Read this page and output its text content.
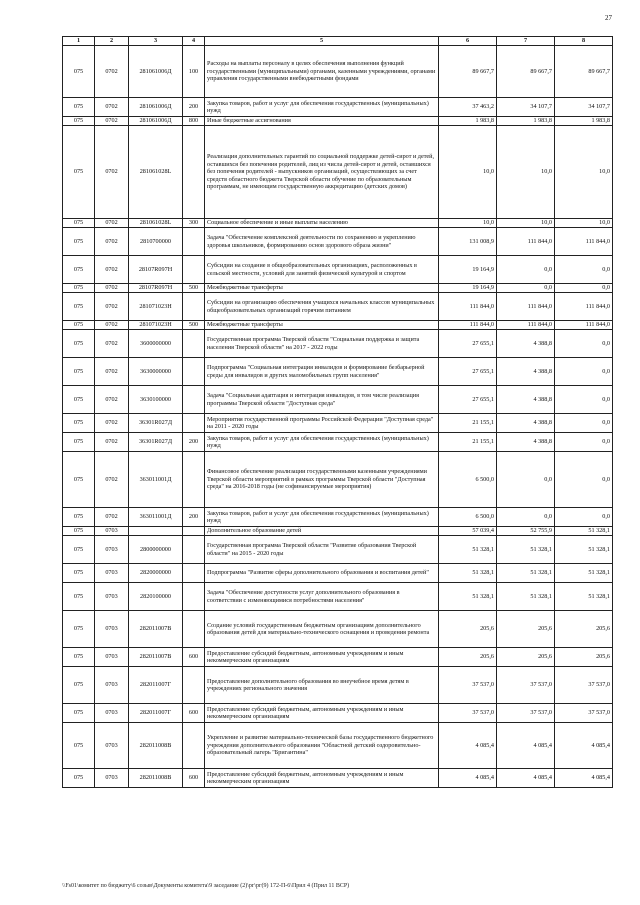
27
1	2	3	4	5	6	7	8
075	0702	281061006Д	100	Расходы на выплаты персоналу в целях обеспечения выполнения функций государственными (муниципальными) органами, казенными учреждениями, органами управления государственными внебюджетными фондами	89 667,7	89 667,7	89 667,7
075	0702	281061006Д	200	Закупка товаров, работ и услуг для обеспечения государственных (муниципальных) нужд	37 463,2	34 107,7	34 107,7
075	0702	281061006Д	800	Иные бюджетные ассигнования	1 983,8	1 983,8	1 983,8
075	0702	281061028L		Реализация дополнительных гарантий по социальной поддержке детей-сирот и детей, оставшихся без попечения родителей, лиц из числа детей-сирот и детей, оставшихся без попечения родителей - выпускников организаций, осуществляющих за счет средств областного бюджета Тверской области обучение по образовательным программам, не имеющим государственную аккредитацию (детских домов)	10,0	10,0	10,0
075	0702	281061028L	300	Социальное обеспечение и иные выплаты населению	10,0	10,0	10,0
075	0702	2810700000		Задача "Обеспечение комплексной деятельности по сохранению и укреплению здоровья школьников, формированию основ здорового образа жизни"	131 008,9	111 844,0	111 844,0
075	0702	28107R097H		Субсидии на создание в общеобразовательных организациях, расположенных в сельской местности, условий для занятий физической культурой и спортом	19 164,9	0,0	0,0
075	0702	28107R097H	500	Межбюджетные трансферты	19 164,9	0,0	0,0
075	0702	281071023H		Субсидии на организацию обеспечения учащихся начальных классов муниципальных общеобразовательных организаций горячим питанием	111 844,0	111 844,0	111 844,0
075	0702	281071023H	500	Межбюджетные трансферты	111 844,0	111 844,0	111 844,0
075	0702	3600000000		Государственная программа Тверской области "Социальная поддержка и защита населения Тверской области" на 2017 - 2022 годы	27 655,1	4 388,8	0,0
075	0702	3630000000		Подпрограмма "Социальная интеграция инвалидов и формирование безбарьерной среды для инвалидов и других маломобильных групп населения"	27 655,1	4 388,8	0,0
075	0702	3630100000		Задача "Социальная адаптация и интеграция инвалидов, в том числе реализация программы Тверской области "Доступная среда"	27 655,1	4 388,8	0,0
075	0702	36301R027Д		Мероприятия государственной программы Российской Федерации "Доступная среда" на 2011 - 2020 годы	21 155,1	4 388,8	0,0
075	0702	36301R027Д	200	Закупка товаров, работ и услуг для обеспечения государственных (муниципальных) нужд	21 155,1	4 388,8	0,0
075	0702	363011001Д		Финансовое обеспечение реализации государственными казенными учреждениями Тверской области мероприятий в рамках программы Тверской области "Доступная среда" на 2016-2018 годы (не софинансируемые мероприятия)	6 500,0	0,0	0,0
075	0702	363011001Д	200	Закупка товаров, работ и услуг для обеспечения государственных (муниципальных) нужд	6 500,0	0,0	0,0
075	0703			Дополнительное образование детей	57 039,4	52 755,9	51 328,1
075	0703	2800000000		Государственная программа Тверской области "Развитие образования Тверской области" на 2015 - 2020 годы	51 328,1	51 328,1	51 328,1
075	0703	2820000000		Подпрограмма "Развитие сферы дополнительного образования и воспитания детей"	51 328,1	51 328,1	51 328,1
075	0703	2820100000		Задача "Обеспечение доступности услуг дополнительного образования в соответствии с изменяющимися потребностями населения"	51 328,1	51 328,1	51 328,1
075	0703	282011007В		Создание условий государственным бюджетным организациям дополнительного образования детей для материально-технического оснащения и проведения ремонта	205,6	205,6	205,6
075	0703	282011007В	600	Предоставление субсидий бюджетным, автономным учреждениям и иным некоммерческим организациям	205,6	205,6	205,6
075	0703	282011007Г		Предоставление дополнительного образования во внеучебное время детям в учреждениях регионального значения	37 537,0	37 537,0	37 537,0
075	0703	282011007Г	600	Предоставление субсидий бюджетным, автономным учреждениям и иным некоммерческим организациям	37 537,0	37 537,0	37 537,0
075	0703	282011008В		Укрепление и развитие материально-технической базы государственного бюджетного учреждения дополнительного образования "Областной детский оздоровительно-образовательный лагерь "Бригантина"	4 085,4	4 085,4	4 085,4
075	0703	282011008В	600	Предоставление субсидий бюджетным, автономным учреждениям и иным некоммерческим организациям	4 085,4	4 085,4	4 085,4
\\Fs01\комитет по бюджету\6 созыв\Документы комитета\9 заседание (2)\рг\рг(9) 172-П-6\Прил 4 (Прил 11 ВСР)
